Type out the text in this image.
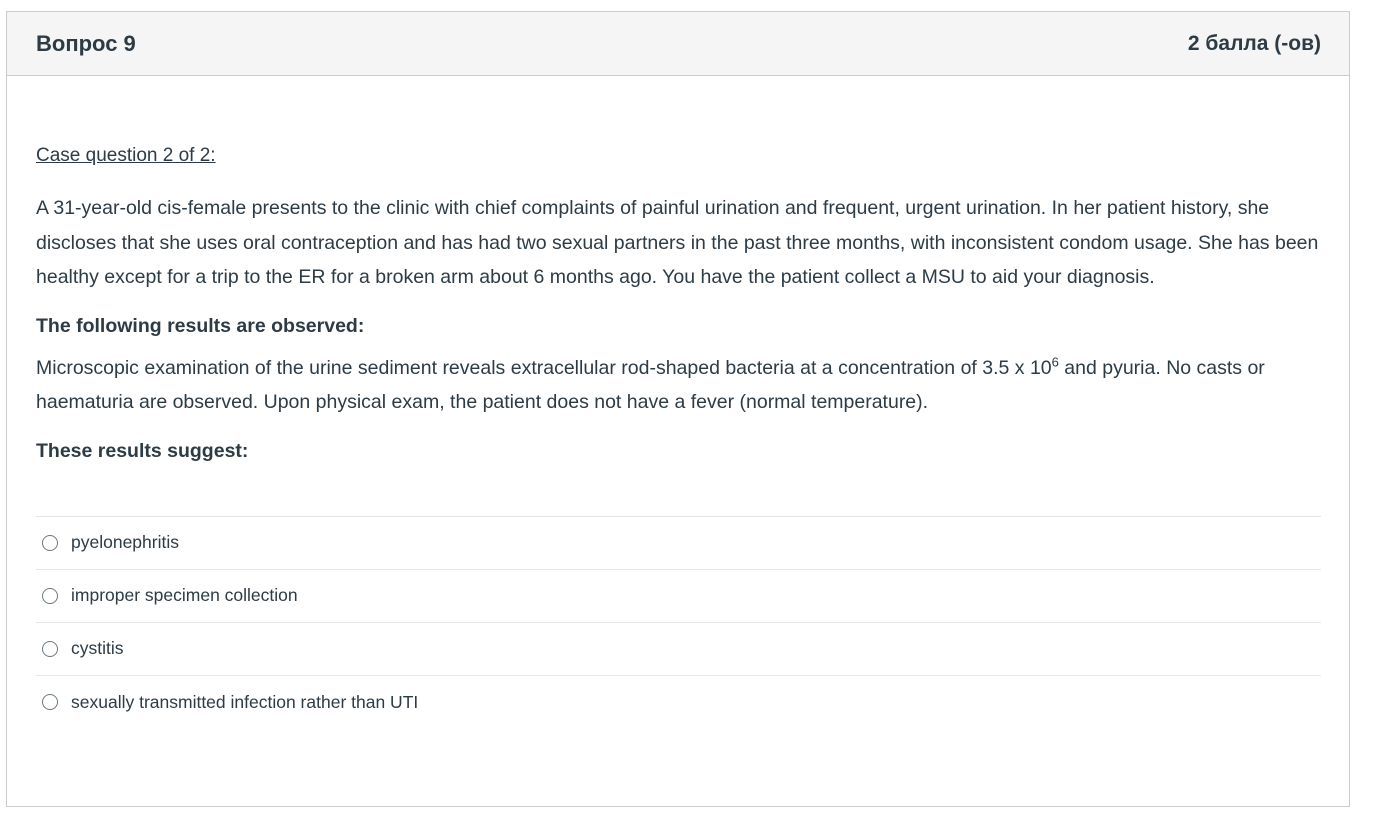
Вопрос 9	2 балла (-ов)
Case question 2 of 2:
A 31-year-old cis-female presents to the clinic with chief complaints of painful urination and frequent, urgent urination. In her patient history, she discloses that she uses oral contraception and has had two sexual partners in the past three months, with inconsistent condom usage. She has been healthy except for a trip to the ER for a broken arm about 6 months ago. You have the patient collect a MSU to aid your diagnosis.
The following results are observed:
Microscopic examination of the urine sediment reveals extracellular rod-shaped bacteria at a concentration of 3.5 x $10^6$ and pyuria. No casts or haematuria are observed. Upon physical exam, the patient does not have a fever (normal temperature).
These results suggest:
pyelonephritis
improper specimen collection
cystitis
sexually transmitted infection rather than UTI
